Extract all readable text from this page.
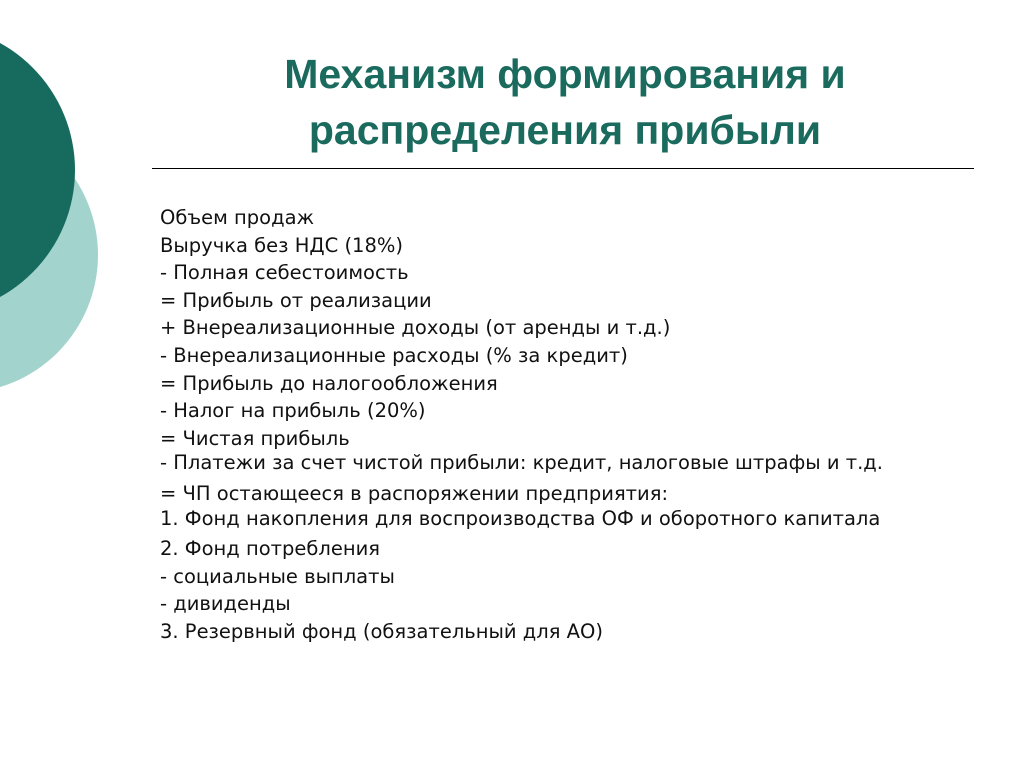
Механизм формирования и
распределения прибыли
Объем продаж
Выручка без НДС (18%)
- Полная себестоимость
= Прибыль от реализации
+ Внереализационные доходы (от аренды и т.д.)
- Внереализационные расходы (% за кредит)
= Прибыль до налогообложения
- Налог на прибыль (20%)
= Чистая прибыль
- Платежи за счет чистой прибыли: кредит, налоговые штрафы и т.д.
= ЧП остающееся в распоряжении предприятия:
1. Фонд накопления для воспроизводства ОФ и оборотного капитала
2. Фонд потребления
- социальные выплаты
- дивиденды
3. Резервный фонд (обязательный для АО)
